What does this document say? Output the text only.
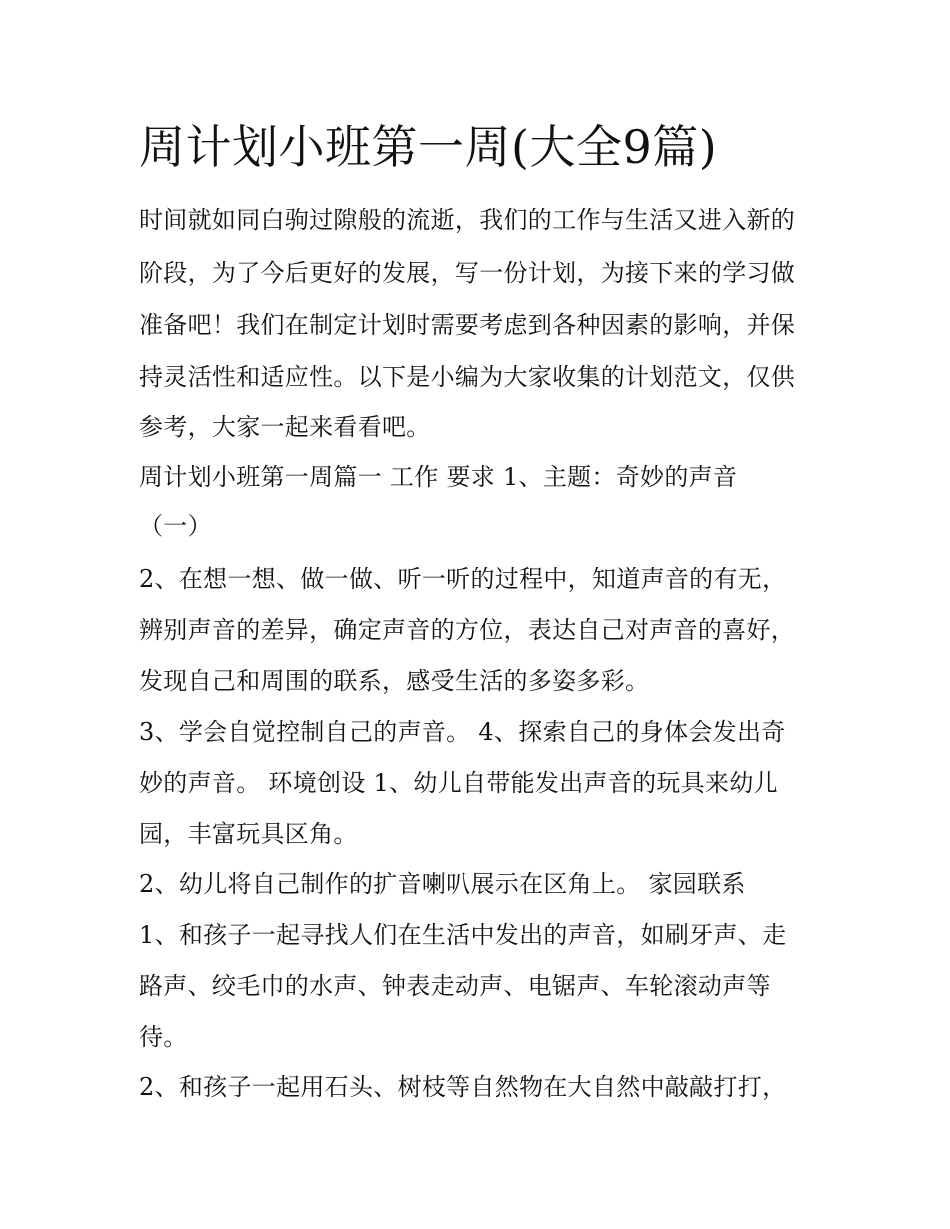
周计划小班第一周(大全9篇)

时间就如同白驹过隙般的流逝，我们的工作与生活又进入新的

阶段，为了今后更好的发展，写一份计划，为接下来的学习做

准备吧！我们在制定计划时需要考虑到各种因素的影响，并保

持灵活性和适应性。以下是小编为大家收集的计划范文，仅供

参考，大家一起来看看吧。

周计划小班第一周篇一 工作 要求 1、主题：奇妙的声音

（一）

2、在想一想、做一做、听一听的过程中，知道声音的有无，

辨别声音的差异，确定声音的方位，表达自己对声音的喜好，

发现自己和周围的联系，感受生活的多姿多彩。

3、学会自觉控制自己的声音。 4、探索自己的身体会发出奇

妙的声音。 环境创设 1、幼儿自带能发出声音的玩具来幼儿

园，丰富玩具区角。

2、幼儿将自己制作的扩音喇叭展示在区角上。 家园联系

1、和孩子一起寻找人们在生活中发出的声音，如刷牙声、走

路声、绞毛巾的水声、钟表走动声、电锯声、车轮滚动声等

待。

2、和孩子一起用石头、树枝等自然物在大自然中敲敲打打，
